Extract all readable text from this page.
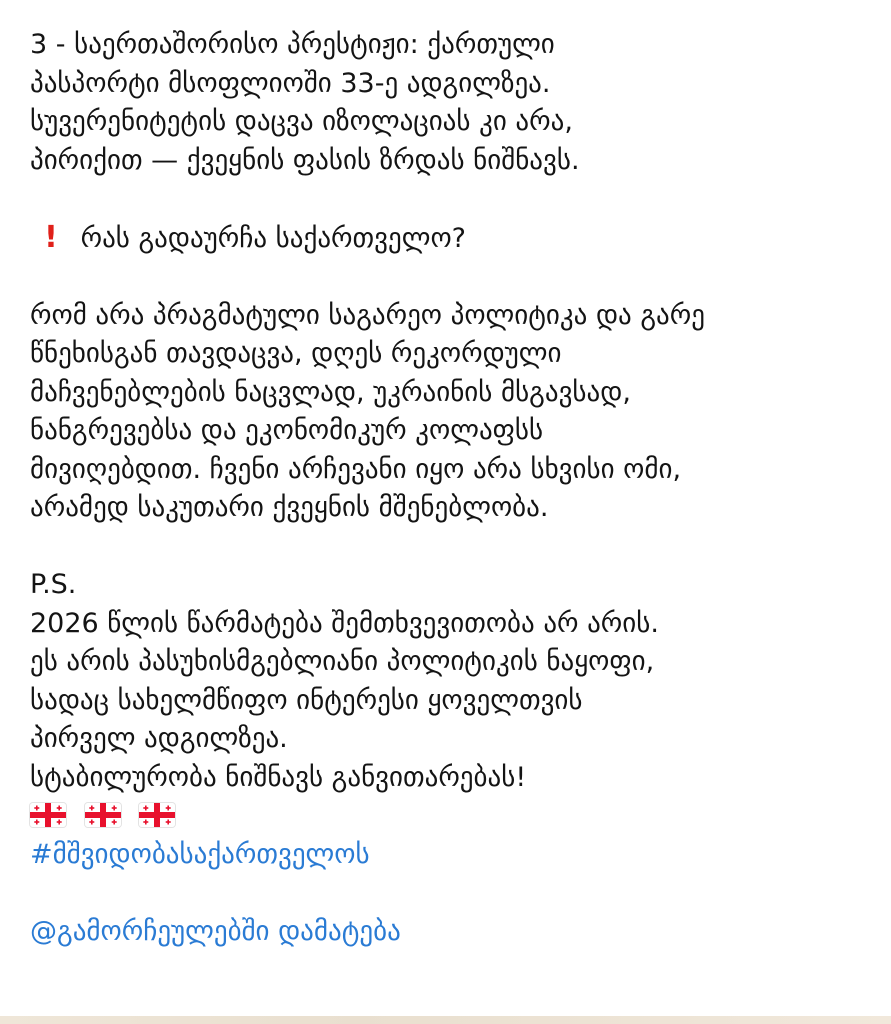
3 - საერთაშორისო პრესტიჟი: ქართული
პასპორტი მსოფლიოში 33-ე ადგილზეა.
სუვერენიტეტის დაცვა იზოლაციას კი არა,
პირიქით — ქვეყნის ფასის ზრდას ნიშნავს.
! რას გადაურჩა საქართველო?
რომ არა პრაგმატული საგარეო პოლიტიკა და გარე
წნეხისგან თავდაცვა, დღეს რეკორდული
მაჩვენებლების ნაცვლად, უკრაინის მსგავსად,
ნანგრევებსა და ეკონომიკურ კოლაფსს
მივიღებდით. ჩვენი არჩევანი იყო არა სხვისი ომი,
არამედ საკუთარი ქვეყნის მშენებლობა.
P.S.
2026 წლის წარმატება შემთხვევითობა არ არის.
ეს არის პასუხისმგებლიანი პოლიტიკის ნაყოფი,
სადაც სახელმწიფო ინტერესი ყოველთვის
პირველ ადგილზეა.
სტაბილურობა ნიშნავს განვითარებას!

#მშვიდობასაქართველოს
@გამორჩეულებში დამატება
